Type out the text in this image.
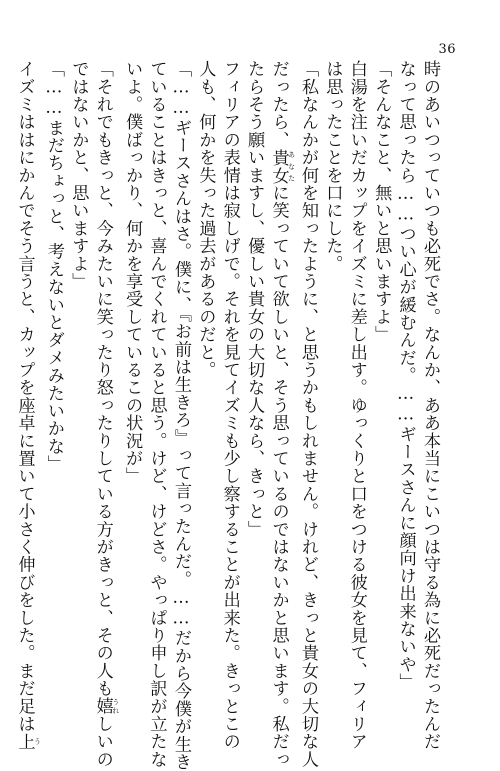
36
時のあいつっていつも必死でさ。なんか、ああ本当にこいつは守る為に必死だったんだ
なって思ったら……つい心が緩むんだ。……ギースさんに顔向け出来ないや」
「そんなこと、無いと思いますよ」
白湯を注いだカップをイズミに差し出す。ゆっくりと口をつける彼女を見て、フィリア
は思ったことを口にした。
「私なんかが何を知ったように、と思うかもしれません。けれど、きっと貴女の大切な人
だったら、貴女 あなたに笑っていて欲しいと、そう思っているのではないかと思います。私だっ
たらそう願いますし、優しい貴女の大切な人なら、きっと」
フィリアの表情は寂しげで。それを見てイズミも少し察することが出来た。きっとこの
人も、何かを失った過去があるのだと。
「……ギースさんはさ。僕に、『お前は生きろ』って言ったんだ。……だから今僕が生き
ていることはきっと、喜んでくれていると思う。けど、けどさ。やっぱり申し訳が立たな
いよ。僕ばっかり、何かを享受しているこの状況が」
「それでもきっと、今みたいに笑ったり怒ったりしている方がきっと、その人も嬉 うれしいの
ではないかと、思いますよ」
「……まだちょっと、考えないとダメみたいかな」
イズミははにかんでそう言うと、カップを座卓に置いて小さく伸びをした。まだ足は上 う
